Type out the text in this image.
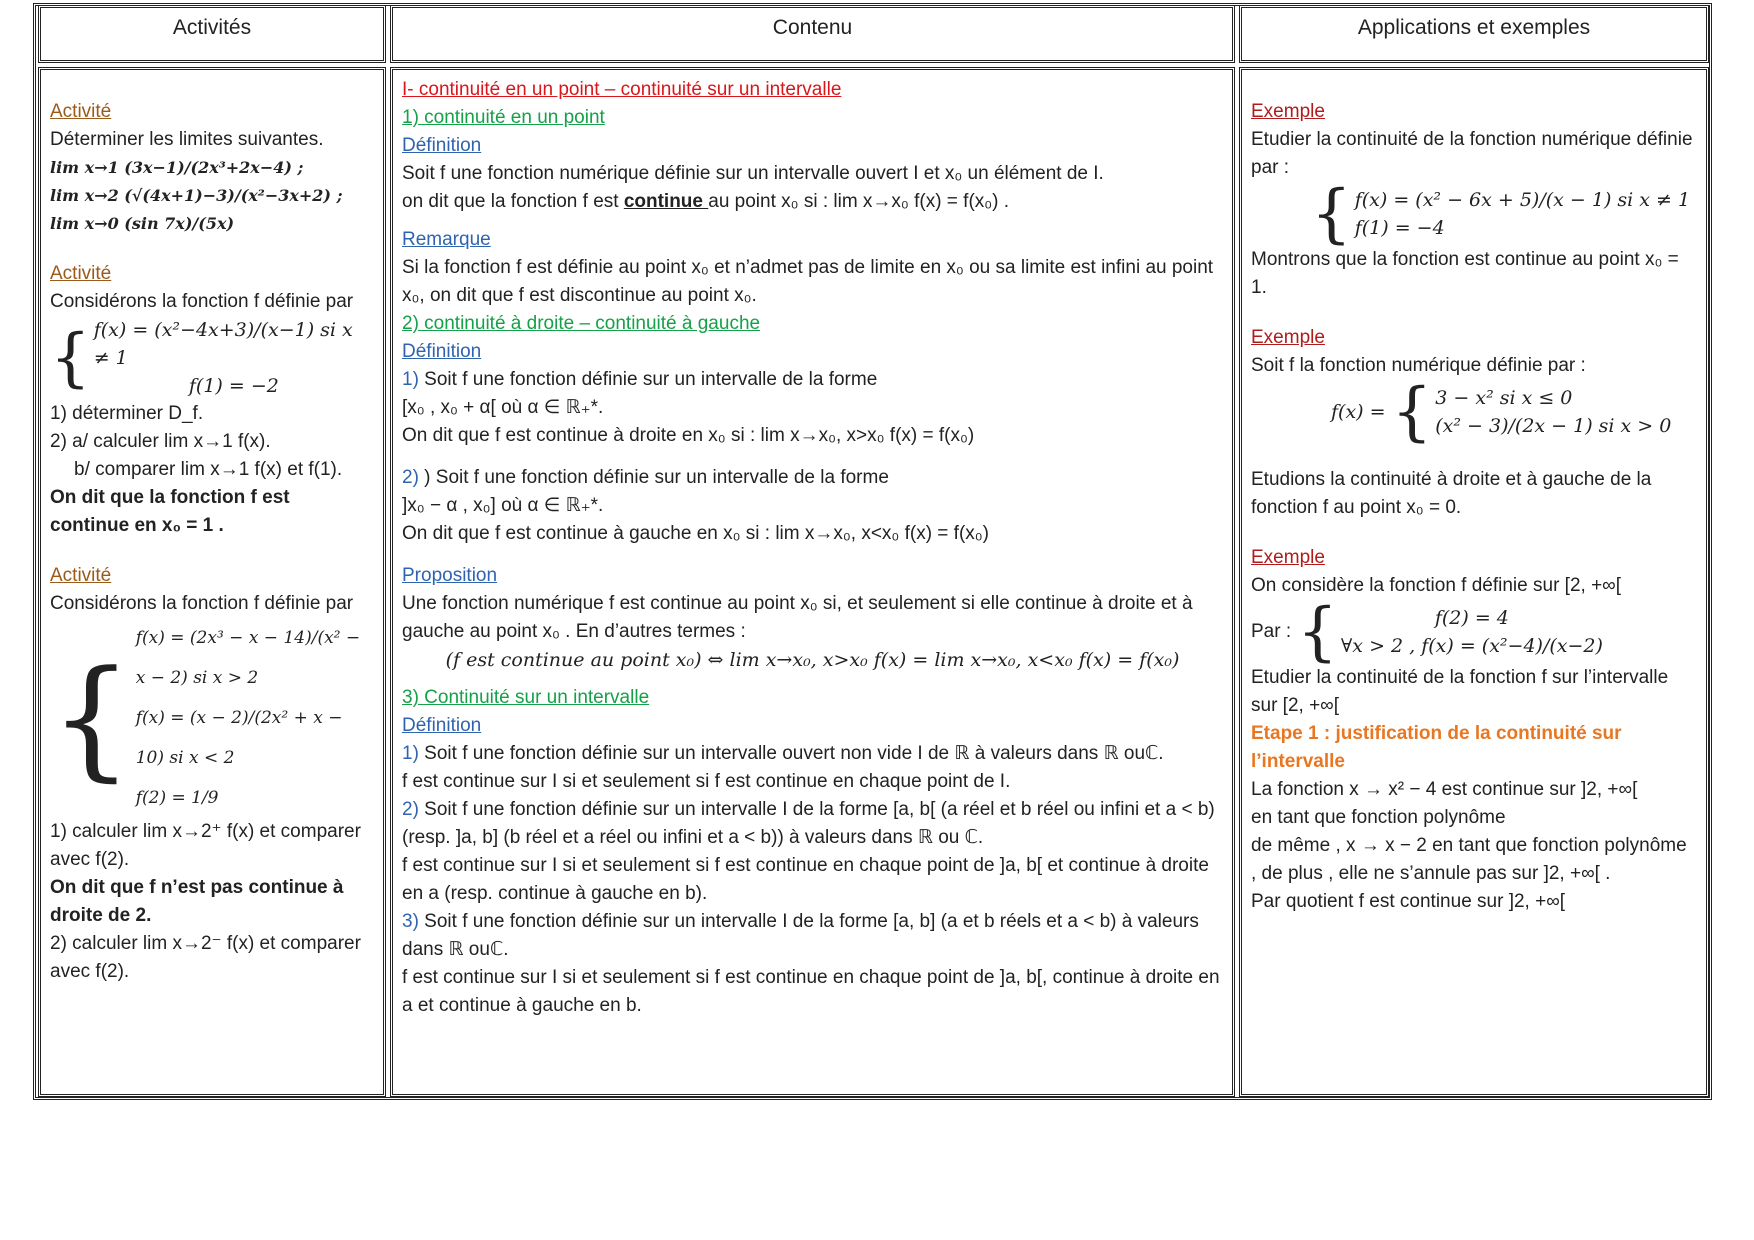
Activités	Contenu	Applications et exemples

Activité

Déterminer les limites suivantes.

lim x→1 (3x−1)/(2x³+2x−4) ;

lim x→2 (√(4x+1)−3)/(x²−3x+2) ; lim x→0 (sin 7x)/(5x)

Activité

Considérons la fonction f définie par

{ f(x) = (x²−4x+3)/(x−1) si x ≠ 1

f(1) = −2

1) déterminer D_f.

2) a/ calculer lim x→1 f(x).

b/ comparer lim x→1 f(x) et f(1).

On dit que la fonction f est continue en x₀ = 1 .

Activité

Considérons la fonction f définie par

{

f(x) = (2x³ − x − 14)/(x² − x − 2) si x > 2

f(x) = (x − 2)/(2x² + x − 10) si x < 2

f(2) = 1/9

1) calculer lim x→2⁺ f(x) et comparer avec f(2).

On dit que f n’est pas continue à droite de 2.

2) calculer lim x→2⁻ f(x) et comparer avec f(2).

I- continuité en un point – continuité sur un intervalle

1) continuité en un point

Définition

Soit f une fonction numérique définie sur un intervalle ouvert I et x₀ un élément de I.

on dit que la fonction f est continue au point x₀ si : lim x→x₀ f(x) = f(x₀) .

Remarque

Si la fonction f est définie au point x₀ et n’admet pas de limite en x₀ ou sa limite est infini au point x₀, on dit que f est discontinue au point x₀.

2) continuité à droite – continuité à gauche

Définition

1) Soit f une fonction définie sur un intervalle de la forme

[x₀ , x₀ + α[ où α ∈ ℝ₊*.

On dit que f est continue à droite en x₀ si : lim x→x₀, x>x₀ f(x) = f(x₀)

2) ) Soit f une fonction définie sur un intervalle de la forme

]x₀ − α , x₀] où α ∈ ℝ₊*.

On dit que f est continue à gauche en x₀ si : lim x→x₀, x<x₀ f(x) = f(x₀)

Proposition

Une fonction numérique f est continue au point x₀ si, et seulement si elle continue à droite et à gauche au point x₀ . En d’autres termes :

(f est continue au point x₀) ⇔ lim x→x₀, x>x₀ f(x) = lim x→x₀, x<x₀ f(x) = f(x₀)

3) Continuité sur un intervalle

Définition

1) Soit f une fonction définie sur un intervalle ouvert non vide I de ℝ à valeurs dans ℝ ouℂ.

f est continue sur I si et seulement si f est continue en chaque point de I.

2) Soit f une fonction définie sur un intervalle I de la forme [a, b[ (a réel et b réel ou infini et a < b) (resp. ]a, b] (b réel et a réel ou infini et a < b)) à valeurs dans ℝ ou ℂ.

f est continue sur I si et seulement si f est continue en chaque point de ]a, b[ et continue à droite en a (resp. continue à gauche en b).

3) Soit f une fonction définie sur un intervalle I de la forme [a, b] (a et b réels et a < b) à valeurs dans ℝ ouℂ.

f est continue sur I si et seulement si f est continue en chaque point de ]a, b[, continue à droite en a et continue à gauche en b.

Exemple

Etudier la continuité de la fonction numérique définie par :

{ f(x) = (x² − 6x + 5)/(x − 1) si x ≠ 1

f(1) = −4

Montrons que la fonction est continue au point x₀ = 1.

Exemple

Soit f la fonction numérique définie par :

f(x) = { 3 − x² si x ≤ 0

(x² − 3)/(2x − 1) si x > 0

Etudions la continuité à droite et à gauche de la fonction f au point x₀ = 0.

Exemple

On considère la fonction f définie sur [2, +∞[

Par : {	f(2) = 4

∀x > 2 , f(x) = (x²−4)/(x−2)

Etudier la continuité de la fonction f sur l’intervalle sur [2, +∞[

Etape 1 : justification de la continuité sur l’intervalle

La fonction x → x² − 4 est continue sur ]2, +∞[

en tant que fonction polynôme

de même , x → x − 2 en tant que fonction polynôme , de plus , elle ne s’annule pas sur ]2, +∞[ .

Par quotient f est continue sur ]2, +∞[
